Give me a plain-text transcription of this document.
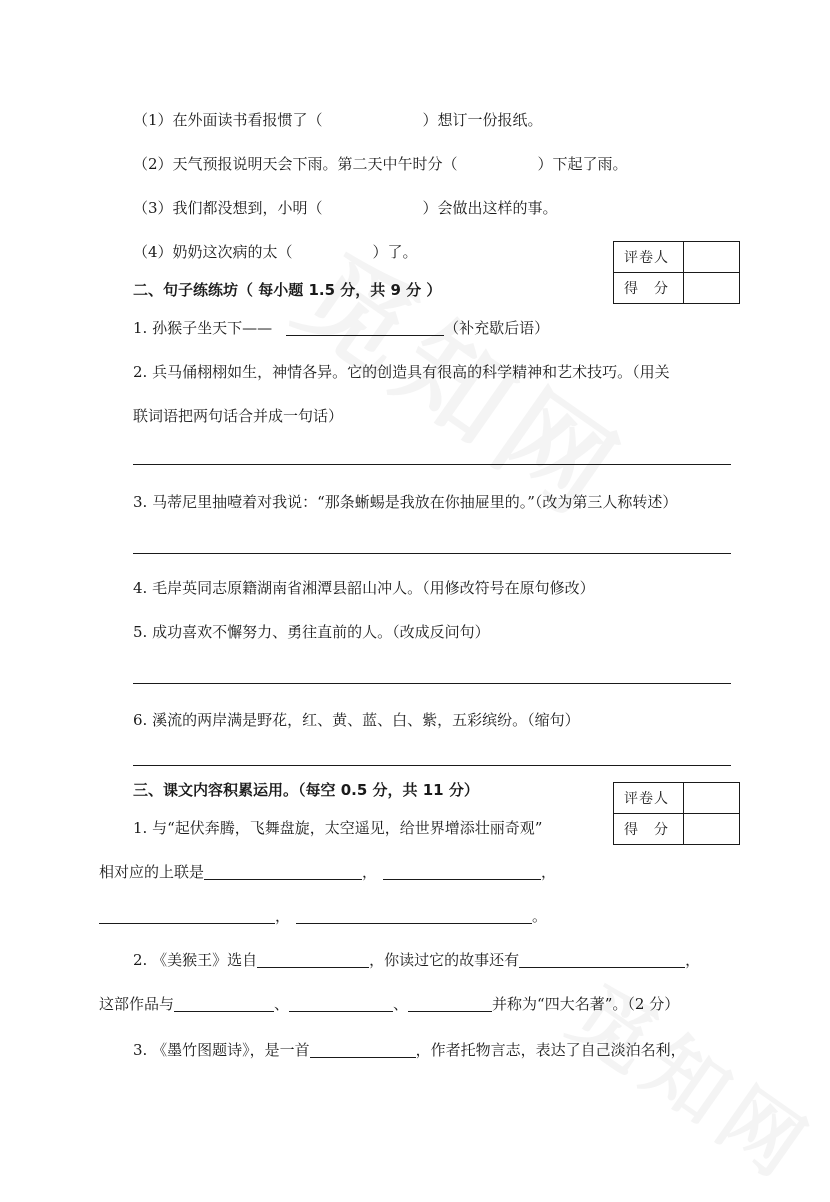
（1）在外面读书看报惯了（	）想订一份报纸。
（2）天气预报说明天会下雨。第二天中午时分（	）下起了雨。
（3）我们都没想到，小明（	）会做出这样的事。
（4）奶奶这次病的太（	）了。	评卷人	
得　分	
二、句子练练坊（ 每小题 1.5 分，共 9 分 ）
1. 孙猴子坐天下——	（补充歇后语）
2. 兵马俑栩栩如生，神情各异。它的创造具有很高的科学精神和艺术技巧。（用关
联词语把两句话合并成一句话）
3. 马蒂尼里抽噎着对我说：“那条蜥蜴是我放在你抽屉里的。”（改为第三人称转述）
4. 毛岸英同志原籍湖南省湘潭县韶山冲人。（用修改符号在原句修改）
5. 成功喜欢不懈努力、勇往直前的人。（改成反问句）
6. 溪流的两岸满是野花，红、黄、蓝、白、紫，五彩缤纷。（缩句）
三、课文内容积累运用。（每空 0.5 分，共 11 分）	评卷人	
得　分	
1. 与“起伏奔腾，飞舞盘旋，太空遥见，给世界增添壮丽奇观”
相对应的上联是	，	，
，	。
2. 《美猴王》选自	，你读过它的故事还有	，
这部作品与	、	、	并称为“四大名著”。（2 分）
3. 《墨竹图题诗》，是一首	，作者托物言志，表达了自己淡泊名利，
